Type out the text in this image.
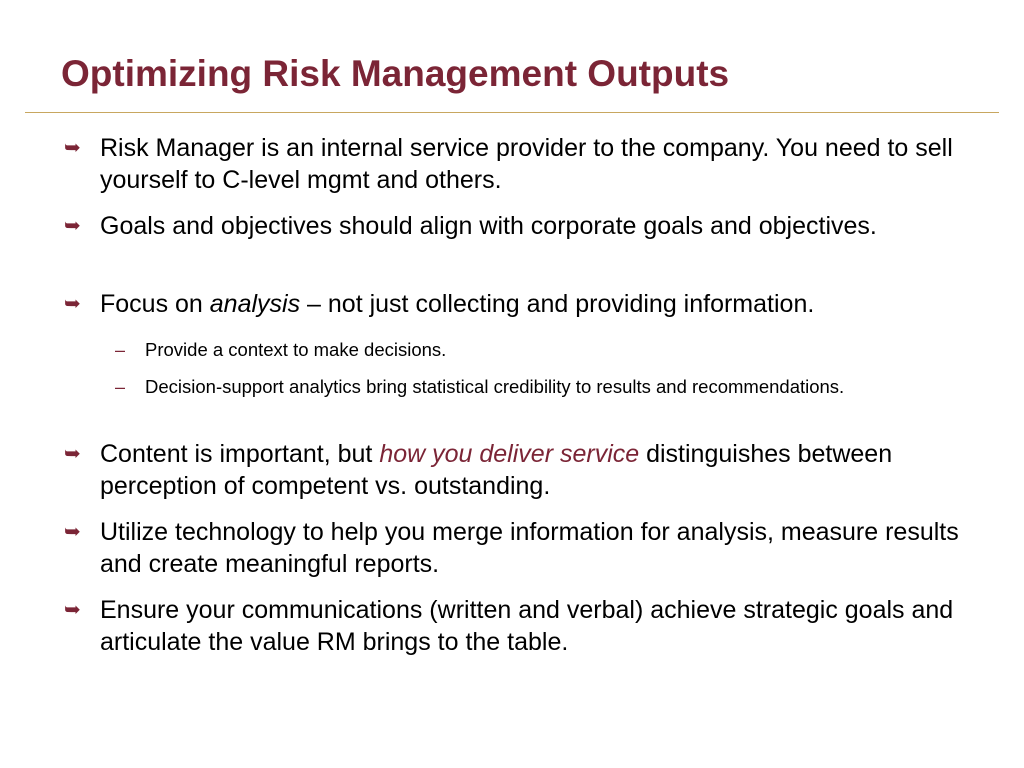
Optimizing Risk Management Outputs
➥ Risk Manager is an internal service provider to the company. You need to sell yourself to C-level mgmt and others.
➥ Goals and objectives should align with corporate goals and objectives.
➥ Focus on analysis – not just collecting and providing information.
– Provide a context to make decisions.
– Decision-support analytics bring statistical credibility to results and recommendations.
➥ Content is important, but how you deliver service distinguishes between perception of competent vs. outstanding.
➥ Utilize technology to help you merge information for analysis, measure results and create meaningful reports.
➥ Ensure your communications (written and verbal) achieve strategic goals and articulate the value RM brings to the table.
